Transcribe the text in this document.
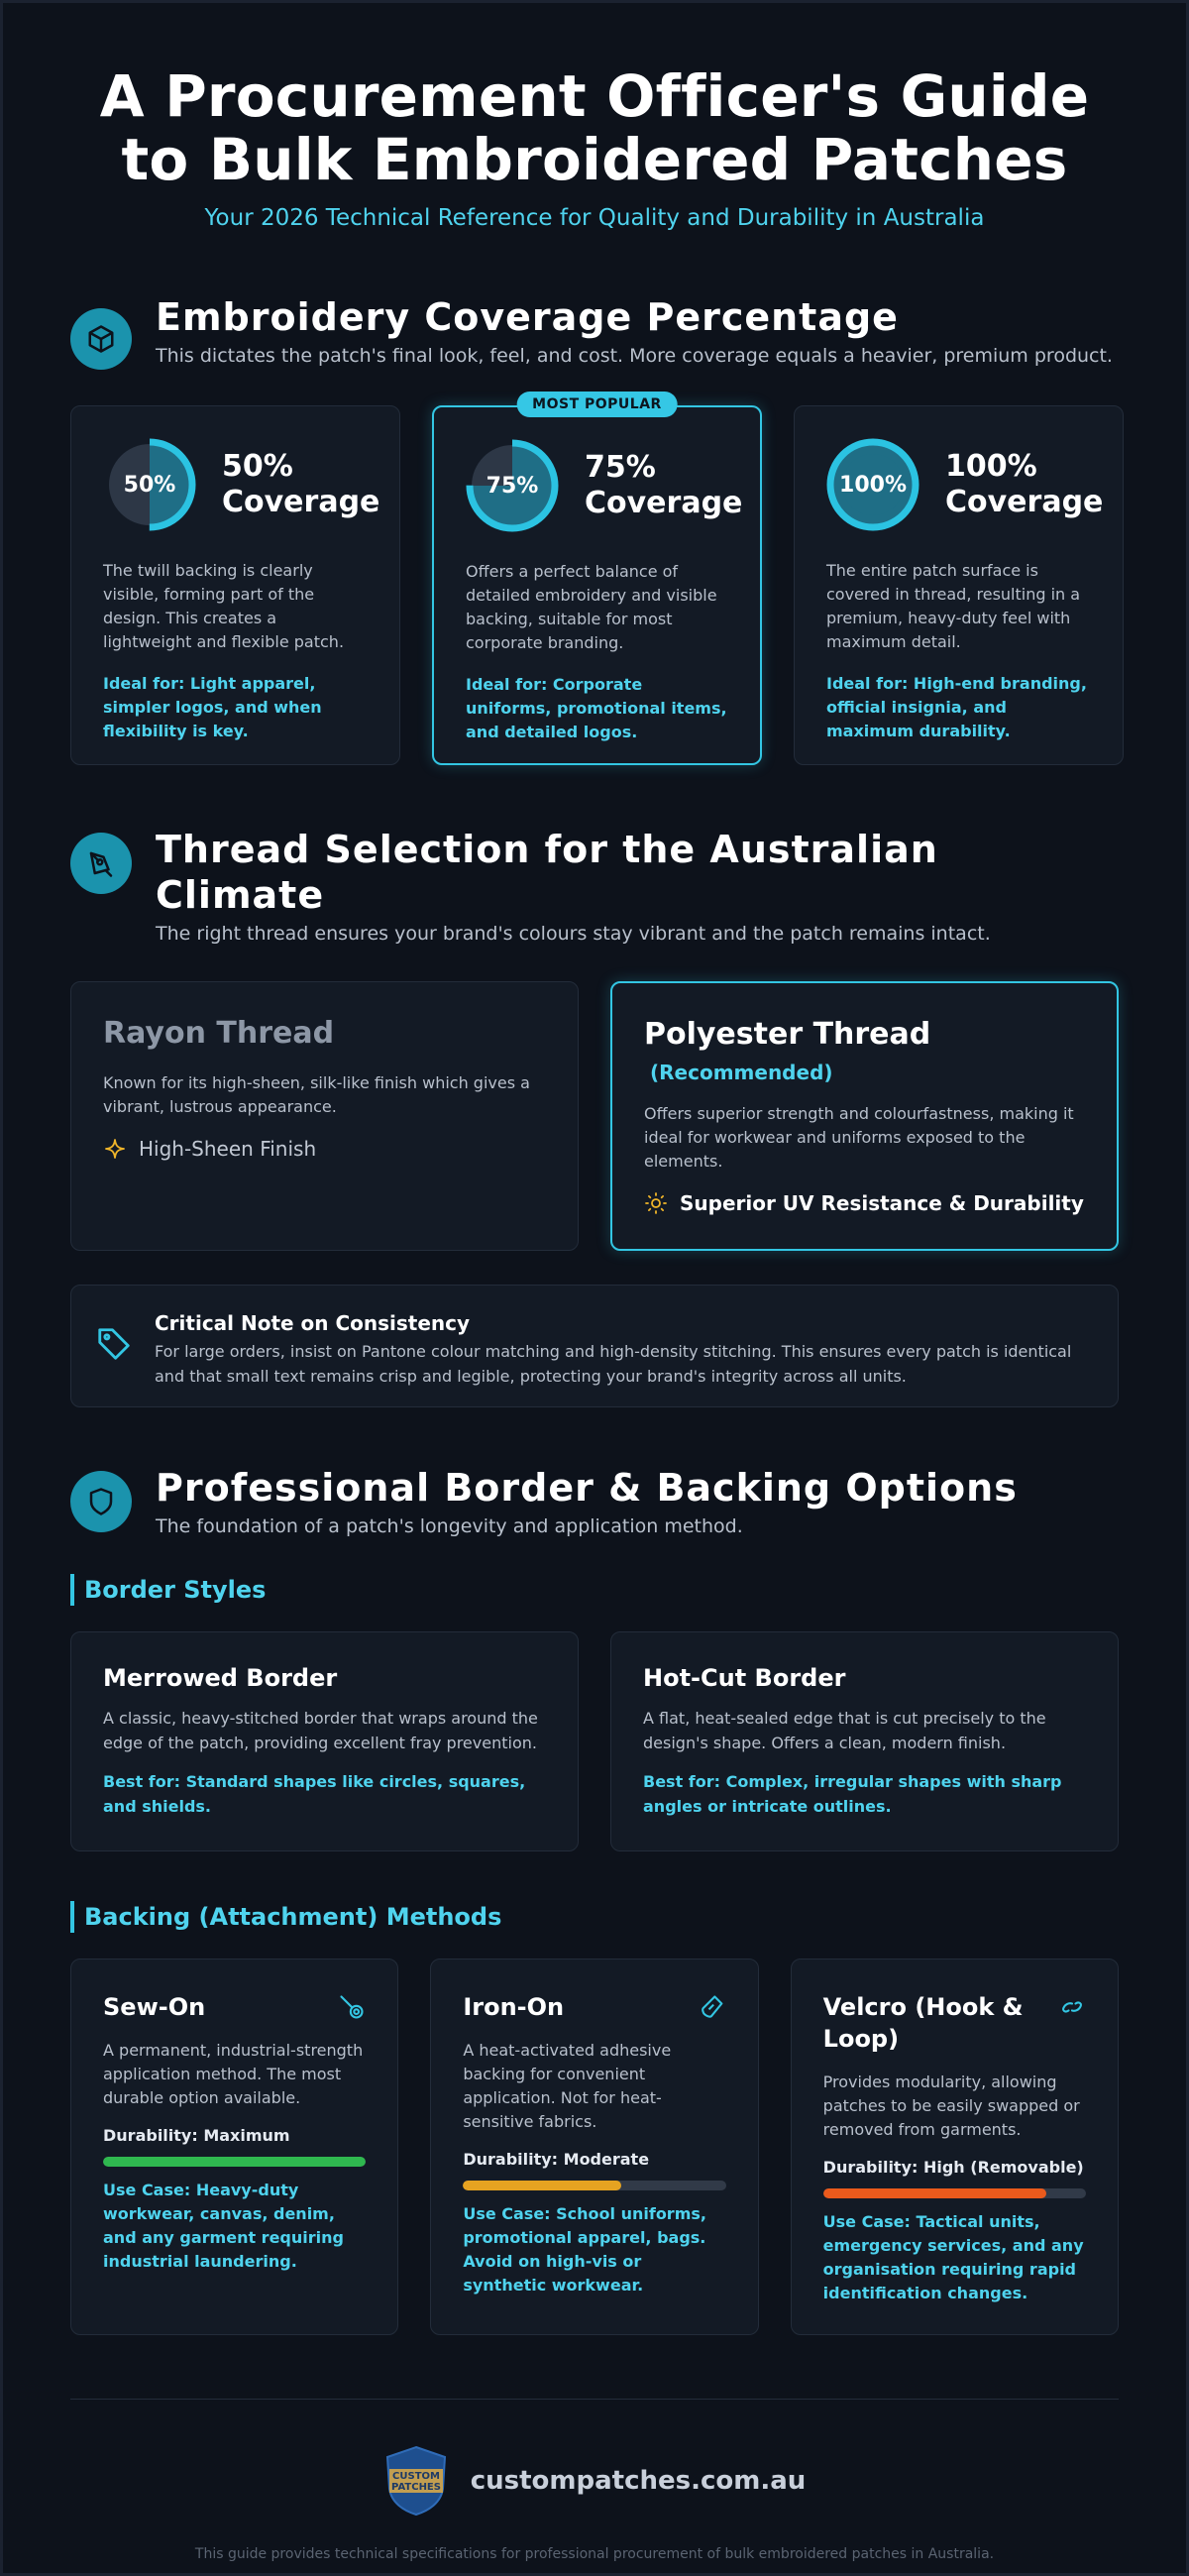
A Procurement Officer's Guide
to Bulk Embroidered Patches
Your 2026 Technical Reference for Quality and Durability in Australia
Embroidery Coverage Percentage
This dictates the patch's final look, feel, and cost. More coverage equals a heavier, premium product.
50%
50%
Coverage
The twill backing is clearly visible, forming part of the design. This creates a lightweight and flexible patch.
Ideal for: Light apparel, simpler logos, and when flexibility is key.
MOST POPULAR
75%
75%
Coverage
Offers a perfect balance of detailed embroidery and visible backing, suitable for most corporate branding.
Ideal for: Corporate uniforms, promotional items, and detailed logos.
100%
100%
Coverage
The entire patch surface is covered in thread, resulting in a premium, heavy-duty feel with maximum detail.
Ideal for: High-end branding, official insignia, and maximum durability.
Thread Selection for the Australian Climate
The right thread ensures your brand's colours stay vibrant and the patch remains intact.
Rayon Thread
Known for its high-sheen, silk-like finish which gives a vibrant, lustrous appearance.
High-Sheen Finish
Polyester Thread
(Recommended)
Offers superior strength and colourfastness, making it ideal for workwear and uniforms exposed to the elements.
Superior UV Resistance & Durability
Critical Note on Consistency
For large orders, insist on Pantone colour matching and high-density stitching. This ensures every patch is identical and that small text remains crisp and legible, protecting your brand's integrity across all units.
Professional Border & Backing Options
The foundation of a patch's longevity and application method.
Border Styles
Merrowed Border
A classic, heavy-stitched border that wraps around the edge of the patch, providing excellent fray prevention.
Best for: Standard shapes like circles, squares, and shields.
Hot-Cut Border
A flat, heat-sealed edge that is cut precisely to the design's shape. Offers a clean, modern finish.
Best for: Complex, irregular shapes with sharp angles or intricate outlines.
Backing (Attachment) Methods
Sew-On
A permanent, industrial-strength application method. The most durable option available.
Durability: Maximum
Use Case: Heavy-duty workwear, canvas, denim, and any garment requiring industrial laundering.
Iron-On
A heat-activated adhesive backing for convenient application. Not for heat-sensitive fabrics.
Durability: Moderate
Use Case: School uniforms, promotional apparel, bags. Avoid on high-vis or synthetic workwear.
Velcro (Hook & Loop)
Provides modularity, allowing patches to be easily swapped or removed from garments.
Durability: High (Removable)
Use Case: Tactical units, emergency services, and any organisation requiring rapid identification changes.
CUSTOM
PATCHES custompatches.com.au
This guide provides technical specifications for professional procurement of bulk embroidered patches in Australia.
